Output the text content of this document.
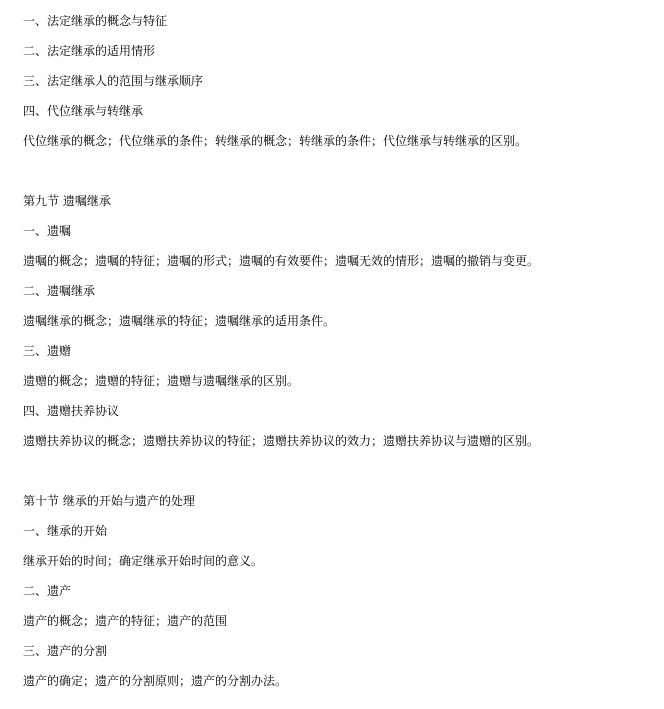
一、法定继承的概念与特征
二、法定继承的适用情形
三、法定继承人的范围与继承顺序
四、代位继承与转继承
代位继承的概念；代位继承的条件；转继承的概念；转继承的条件；代位继承与转继承的区别。
第九节 遗嘱继承
一、遗嘱
遗嘱的概念；遗嘱的特征；遗嘱的形式；遗嘱的有效要件；遗嘱无效的情形；遗嘱的撤销与变更。
二、遗嘱继承
遗嘱继承的概念；遗嘱继承的特征；遗嘱继承的适用条件。
三、遗赠
遗赠的概念；遗赠的特征；遗赠与遗嘱继承的区别。
四、遗赠扶养协议
遗赠扶养协议的概念；遗赠扶养协议的特征；遗赠扶养协议的效力；遗赠扶养协议与遗赠的区别。
第十节 继承的开始与遗产的处理
一、继承的开始
继承开始的时间；确定继承开始时间的意义。
二、遗产
遗产的概念；遗产的特征；遗产的范围
三、遗产的分割
遗产的确定；遗产的分割原则；遗产的分割办法。
